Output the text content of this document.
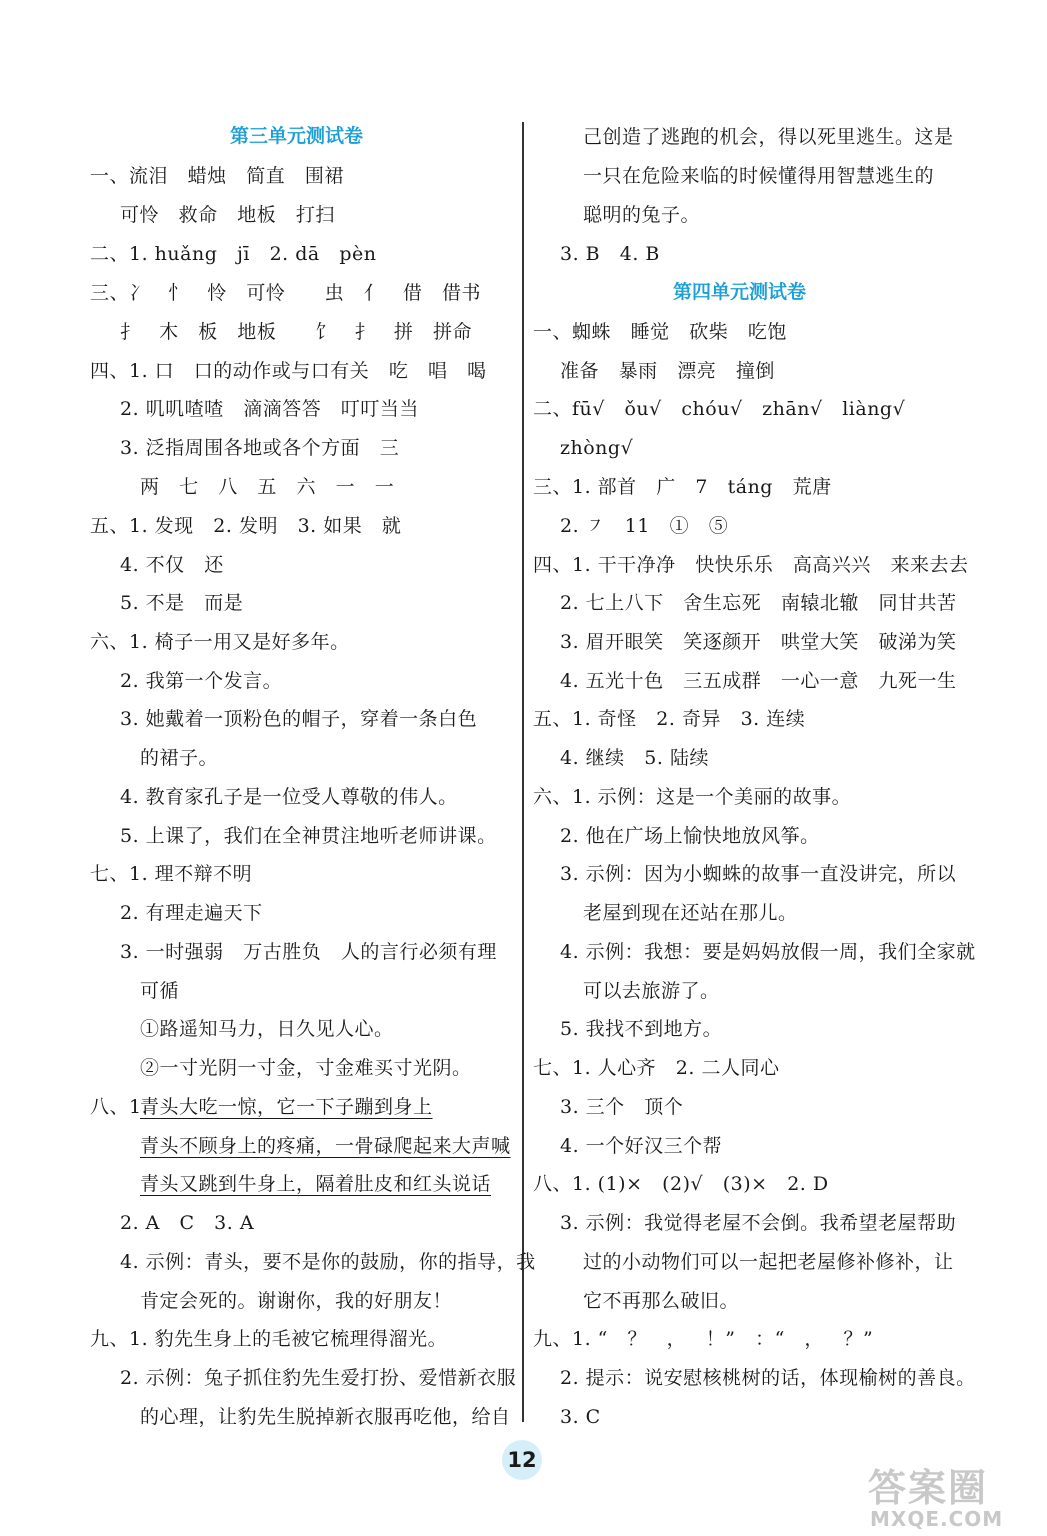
第三单元测试卷
一、流泪   蜡烛   简直   围裙
可怜   救命   地板   打扫
二、1. huǎng   jī   2. dā   pèn
三、冫   忄   怜   可怜      虫   亻   借   借书
扌   木   板   地板      饣   扌   拼   拼命
四、1. 口   口的动作或与口有关   吃   唱   喝
2. 叽叽喳喳   滴滴答答   叮叮当当
3. 泛指周围各地或各个方面   三
两   七   八   五   六   一   一
五、1. 发现   2. 发明   3. 如果   就
4. 不仅   还
5. 不是   而是
六、1. 椅子一用又是好多年。
2. 我第一个发言。
3. 她戴着一顶粉色的帽子，穿着一条白色
的裙子。
4. 教育家孔子是一位受人尊敬的伟人。
5. 上课了，我们在全神贯注地听老师讲课。
七、1. 理不辩不明
2. 有理走遍天下
3. 一时强弱   万古胜负   人的言行必须有理
可循
①路遥知马力，日久见人心。
②一寸光阴一寸金，寸金难买寸光阴。
八、1.
青头大吃一惊，它一下子蹦到身上
青头不顾身上的疼痛，一骨碌爬起来大声喊
青头又跳到牛身上，隔着肚皮和红头说话
2. A   C   3. A
4. 示例：青头，要不是你的鼓励，你的指导，我
肯定会死的。谢谢你，我的好朋友！
九、1. 豹先生身上的毛被它梳理得溜光。
2. 示例：兔子抓住豹先生爱打扮、爱惜新衣服
的心理，让豹先生脱掉新衣服再吃他，给自
己创造了逃跑的机会，得以死里逃生。这是
一只在危险来临的时候懂得用智慧逃生的
聪明的兔子。
3. B   4. B
第四单元测试卷
一、蜘蛛   睡觉   砍柴   吃饱
准备   暴雨   漂亮   撞倒
二、fū√   ǒu√   chóu√   zhān√   liàng√
zhòng√
三、1. 部首   广   7   táng   荒唐
2. ㇇   11   ①   ⑤
四、1. 干干净净   快快乐乐   高高兴兴   来来去去
2. 七上八下   舍生忘死   南辕北辙   同甘共苦
3. 眉开眼笑   笑逐颜开   哄堂大笑   破涕为笑
4. 五光十色   三五成群   一心一意   九死一生
五、1. 奇怪   2. 奇异   3. 连续
4. 继续   5. 陆续
六、1. 示例：这是一个美丽的故事。
2. 他在广场上愉快地放风筝。
3. 示例：因为小蜘蛛的故事一直没讲完，所以
老屋到现在还站在那儿。
4. 示例：我想：要是妈妈放假一周，我们全家就
可以去旅游了。
5. 我找不到地方。
七、1. 人心齐   2. 二人同心
3. 三个   顶个
4. 一个好汉三个帮
八、1. (1)×   (2)√   (3)×   2. D
3. 示例：我觉得老屋不会倒。我希望老屋帮助
过的小动物们可以一起把老屋修补修补，让
它不再那么破旧。
九、1. “   ？   ，   ！”   ：“   ，   ？”
2. 提示：说安慰核桃树的话，体现榆树的善良。
3. C
12
答案圈
MXQE.COM
